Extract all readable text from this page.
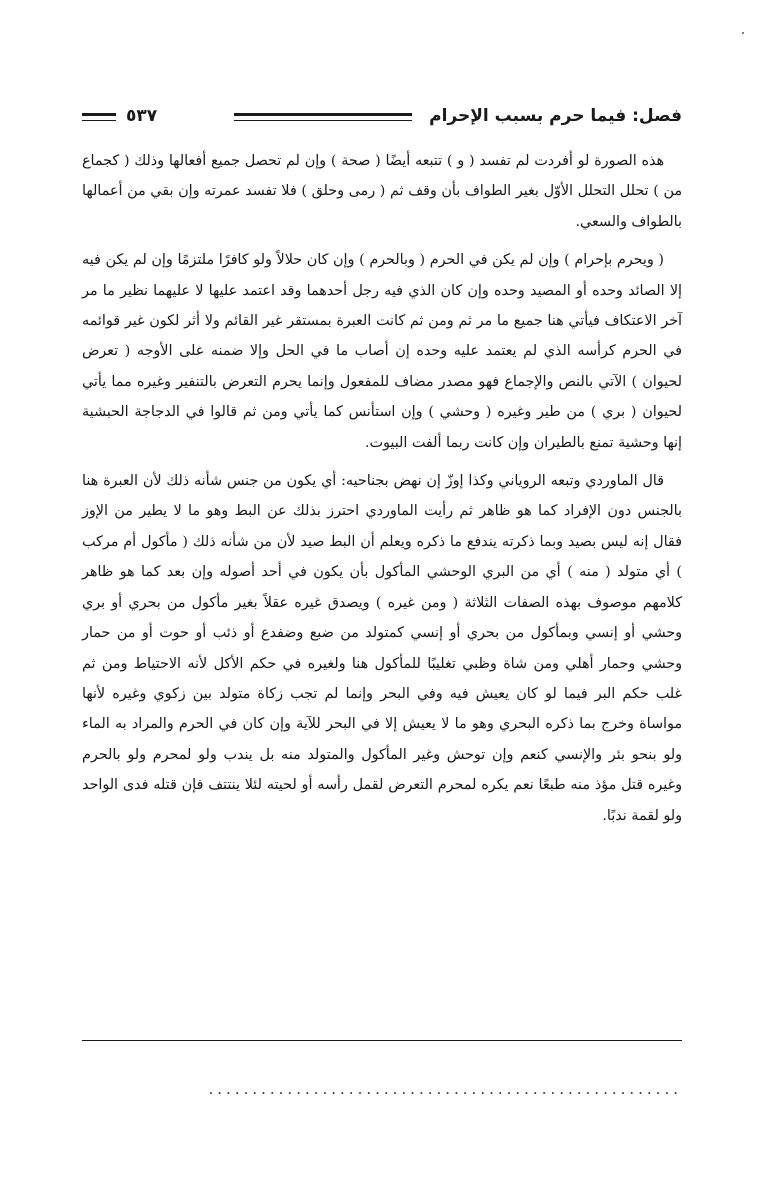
فصل: فيما حرم بسبب الإحرام
٥٣٧

هذه الصورة لو أفردت لم تفسد ( و ) تتبعه أيضًا ( صحة ) وإن لم تحصل جميع أفعالها وذلك ( كجماع من ) تحلل التحلل الأوّل بغير الطواف بأن وقف ثم ( رمى وحلق ) فلا تفسد عمرته وإن بقي من أعمالها بالطواف والسعي.

( ويحرم بإحرام ) وإن لم يكن في الحرم ( وبالحرم ) وإن كان حلالاً ولو كافرًا ملتزمًا وإن لم يكن فيه إلا الصائد وحده أو المصيد وحده وإن كان الذي فيه رجل أحدهما وقد اعتمد عليها لا عليهما نظير ما مر آخر الاعتكاف فيأتي هنا جميع ما مر ثم ومن ثم كانت العبرة بمستقر غير القائم ولا أثر لكون غير قوائمه في الحرم كرأسه الذي لم يعتمد عليه وحده إن أصاب ما في الحل وإلا ضمنه على الأوجه ( تعرض لحيوان ) الآتي بالنص والإجماع فهو مصدر مضاف للمفعول وإنما يحرم التعرض بالتنفير وغيره مما يأتي لحيوان ( بري ) من طير وغيره ( وحشي ) وإن استأنس كما يأتي ومن ثم قالوا في الدجاجة الحبشية إنها وحشية تمنع بالطيران وإن كانت ربما ألفت البيوت.

قال الماوردي وتبعه الروياني وكذا إوزّ إن نهض بجناحيه: أي يكون من جنس شأنه ذلك لأن العبرة هنا بالجنس دون الإفراد كما هو ظاهر ثم رأيت الماوردي احترز بذلك عن البط وهو ما لا يطير من الإوز فقال إنه ليس بصيد وبما ذكرته يندفع ما ذكره ويعلم أن البط صيد لأن من شأنه ذلك ( مأكول أم مركب ) أي متولد ( منه ) أي من البري الوحشي المأكول بأن يكون في أحد أصوله وإن بعد كما هو ظاهر كلامهم موصوف بهذه الصفات الثلاثة ( ومن غيره ) ويصدق غيره عقلاً بغير مأكول من بحري أو بري وحشي أو إنسي وبمأكول من بحري أو إنسي كمتولد من ضبع وضفدع أو ذئب أو حوت أو من حمار وحشي وحمار أهلي ومن شاة وظبي تغليبًا للمأكول هنا ولغيره في حكم الأكل لأنه الاحتياط ومن ثم غلب حكم البر فيما لو كان يعيش فيه وفي البحر وإنما لم تجب زكاة متولد بين زكوي وغيره لأنها مواساة وخرج بما ذكره البحري وهو ما لا يعيش إلا في البحر للآية وإن كان في الحرم والمراد به الماء ولو بنحو بئر والإنسي كنعم وإن توحش وغير المأكول والمتولد منه بل يندب ولو لمحرم ولو بالحرم وغيره قتل مؤذ منه طبعًا نعم يكره لمحرم التعرض لقمل رأسه أو لحيته لئلا ينتتف فإن قتله فدى الواحد ولو لقمة ندبًا.

......................................................
